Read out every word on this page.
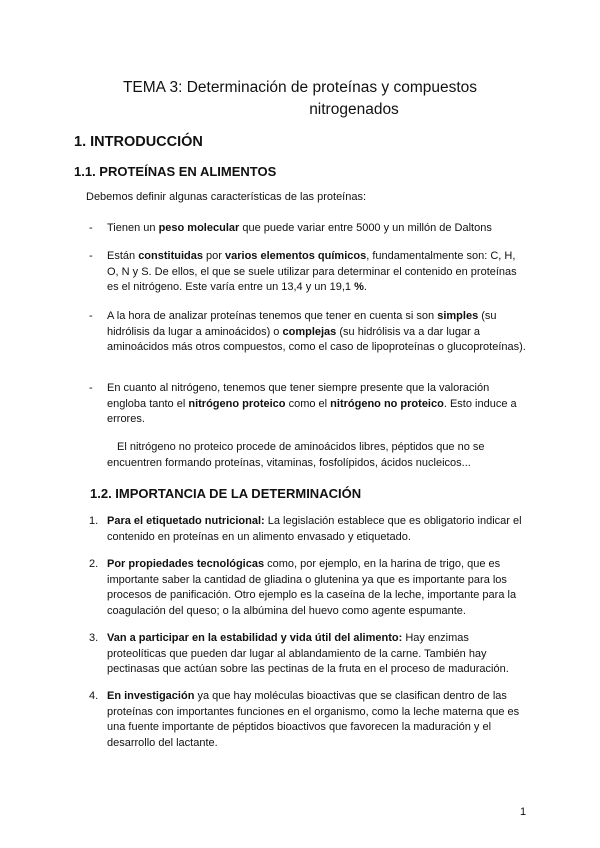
TEMA 3: Determinación de proteínas y compuestos
nitrogenados
1. INTRODUCCIÓN
1.1. PROTEÍNAS EN ALIMENTOS
Debemos definir algunas características de las proteínas:
- Tienen un peso molecular que puede variar entre 5000 y un millón de Daltons
- Están constituidas por varios elementos químicos, fundamentalmente son: C, H, O, N y S. De ellos, el que se suele utilizar para determinar el contenido en proteínas es el nitrógeno. Este varía entre un 13,4 y un 19,1 %.
- A la hora de analizar proteínas tenemos que tener en cuenta si son simples (su hidrólisis da lugar a aminoácidos) o complejas (su hidrólisis va a dar lugar a aminoácidos más otros compuestos, como el caso de lipoproteínas o glucoproteínas).
- En cuanto al nitrógeno, tenemos que tener siempre presente que la valoración engloba tanto el nitrógeno proteico como el nitrógeno no proteico. Esto induce a errores.
El nitrógeno no proteico procede de aminoácidos libres, péptidos que no se encuentren formando proteínas, vitaminas, fosfolípidos, ácidos nucleicos...
1.2. IMPORTANCIA DE LA DETERMINACIÓN
1. Para el etiquetado nutricional: La legislación establece que es obligatorio indicar el contenido en proteínas en un alimento envasado y etiquetado.
2. Por propiedades tecnológicas como, por ejemplo, en la harina de trigo, que es importante saber la cantidad de gliadina o glutenina ya que es importante para los procesos de panificación. Otro ejemplo es la caseína de la leche, importante para la coagulación del queso; o la albúmina del huevo como agente espumante.
3. Van a participar en la estabilidad y vida útil del alimento: Hay enzimas proteolíticas que pueden dar lugar al ablandamiento de la carne. También hay pectinasas que actúan sobre las pectinas de la fruta en el proceso de maduración.
4. En investigación ya que hay moléculas bioactivas que se clasifican dentro de las proteínas con importantes funciones en el organismo, como la leche materna que es una fuente importante de péptidos bioactivos que favorecen la maduración y el desarrollo del lactante.
1
